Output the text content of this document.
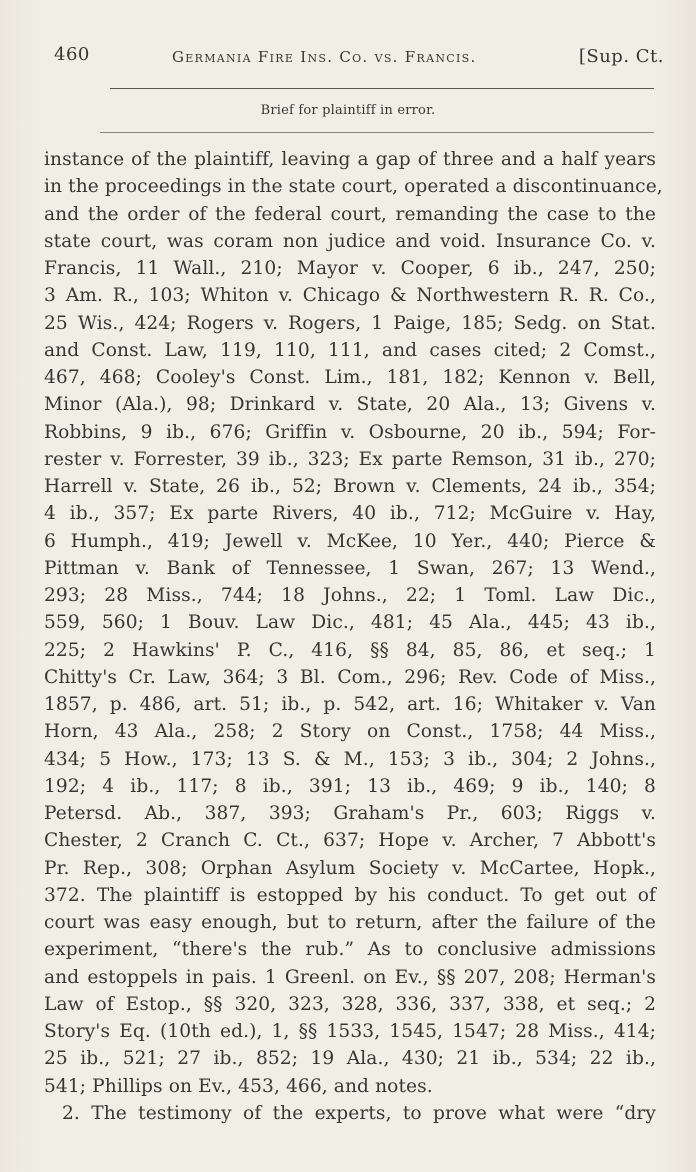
460	Germania Fire Ins. Co. vs. Francis.	[Sup. Ct.
Brief for plaintiff in error.
instance of the plaintiff, leaving a gap of three and a half years
in the proceedings in the state court, operated a discontinuance,
and the order of the federal court, remanding the case to the
state court, was coram non judice and void. Insurance Co. v.
Francis, 11 Wall., 210; Mayor v. Cooper, 6 ib., 247, 250;
3 Am. R., 103; Whiton v. Chicago & Northwestern R. R. Co.,
25 Wis., 424; Rogers v. Rogers, 1 Paige, 185; Sedg. on Stat.
and Const. Law, 119, 110, 111, and cases cited; 2 Comst.,
467, 468; Cooley's Const. Lim., 181, 182; Kennon v. Bell,
Minor (Ala.), 98; Drinkard v. State, 20 Ala., 13; Givens v.
Robbins, 9 ib., 676; Griffin v. Osbourne, 20 ib., 594; For-
rester v. Forrester, 39 ib., 323; Ex parte Remson, 31 ib., 270;
Harrell v. State, 26 ib., 52; Brown v. Clements, 24 ib., 354;
4 ib., 357; Ex parte Rivers, 40 ib., 712; McGuire v. Hay,
6 Humph., 419; Jewell v. McKee, 10 Yer., 440; Pierce &
Pittman v. Bank of Tennessee, 1 Swan, 267; 13 Wend.,
293; 28 Miss., 744; 18 Johns., 22; 1 Toml. Law Dic.,
559, 560; 1 Bouv. Law Dic., 481; 45 Ala., 445; 43 ib.,
225; 2 Hawkins' P. C., 416, §§ 84, 85, 86, et seq.; 1
Chitty's Cr. Law, 364; 3 Bl. Com., 296; Rev. Code of Miss.,
1857, p. 486, art. 51; ib., p. 542, art. 16; Whitaker v. Van
Horn, 43 Ala., 258; 2 Story on Const., 1758; 44 Miss.,
434; 5 How., 173; 13 S. & M., 153; 3 ib., 304; 2 Johns.,
192; 4 ib., 117; 8 ib., 391; 13 ib., 469; 9 ib., 140; 8
Petersd. Ab., 387, 393; Graham's Pr., 603; Riggs v.
Chester, 2 Cranch C. Ct., 637; Hope v. Archer, 7 Abbott's
Pr. Rep., 308; Orphan Asylum Society v. McCartee, Hopk.,
372. The plaintiff is estopped by his conduct. To get out of
court was easy enough, but to return, after the failure of the
experiment, “there's the rub.” As to conclusive admissions
and estoppels in pais. 1 Greenl. on Ev., §§ 207, 208; Herman's
Law of Estop., §§ 320, 323, 328, 336, 337, 338, et seq.; 2
Story's Eq. (10th ed.), 1, §§ 1533, 1545, 1547; 28 Miss., 414;
25 ib., 521; 27 ib., 852; 19 Ala., 430; 21 ib., 534; 22 ib.,
541; Phillips on Ev., 453, 466, and notes.
2. The testimony of the experts, to prove what were “dry
